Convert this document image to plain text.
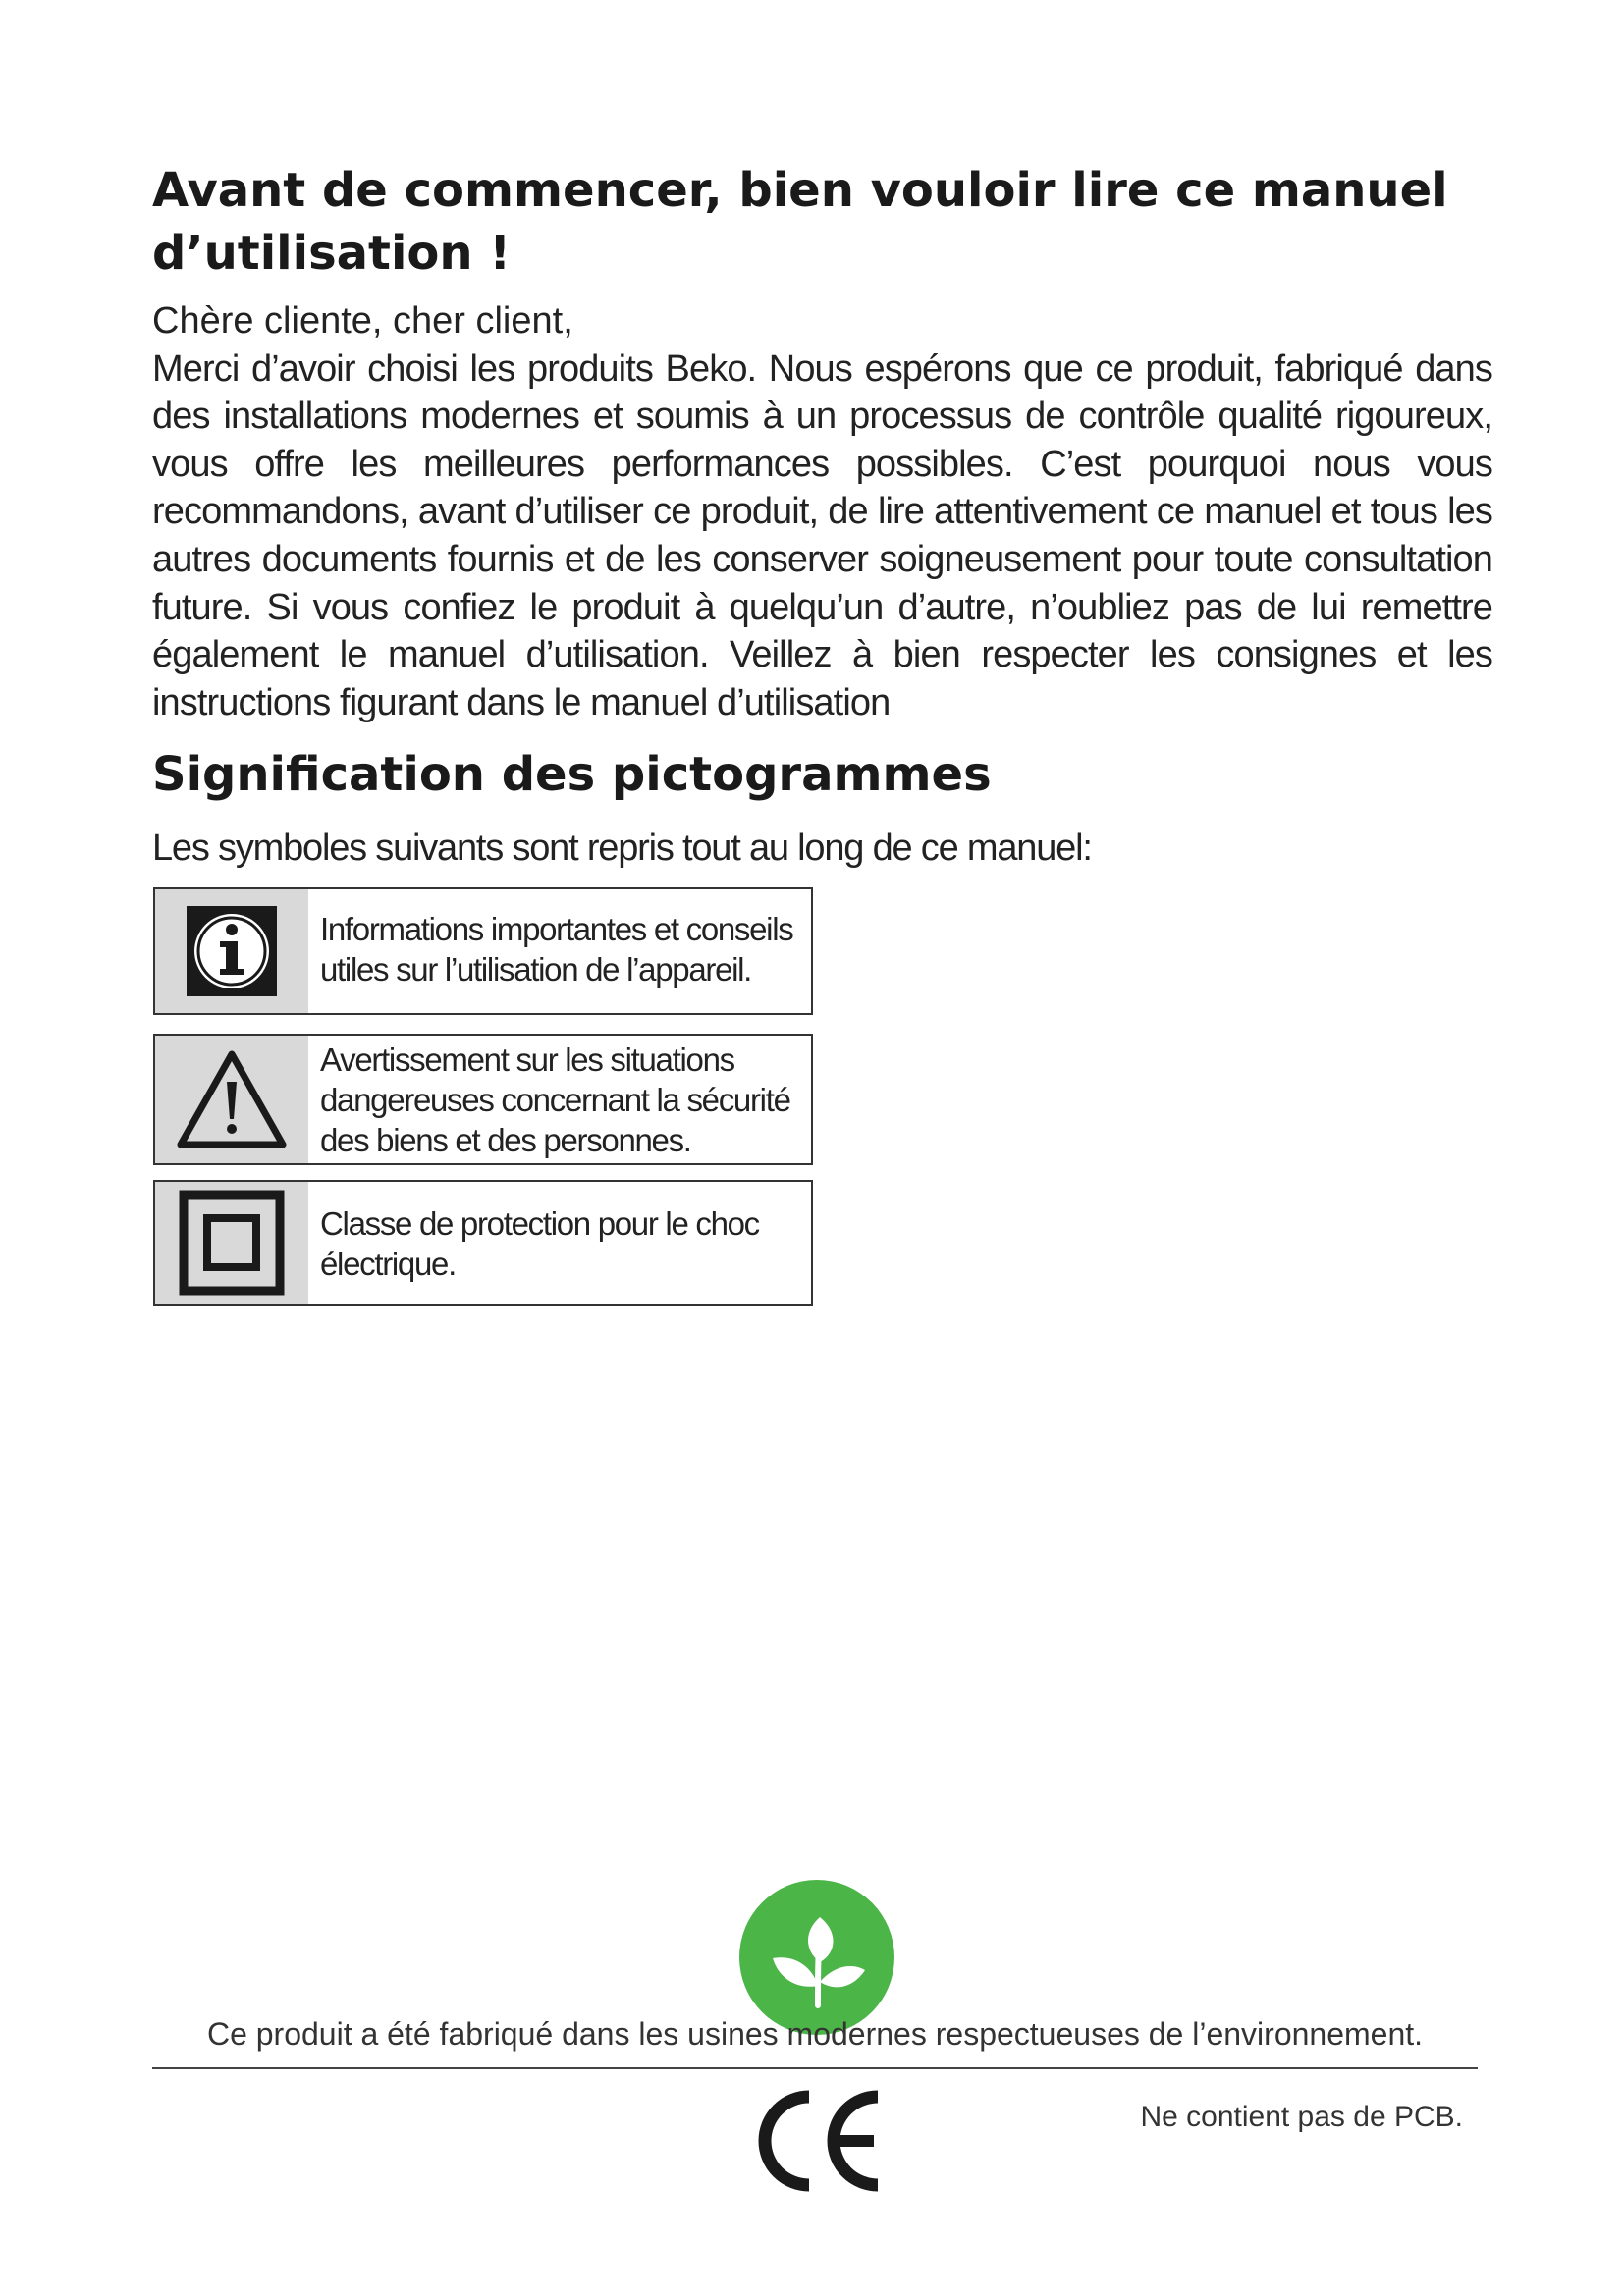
Avant de commencer, bien vouloir lire ce manuel d’utilisation !
Chère cliente, cher client,
Merci d’avoir choisi les produits Beko. Nous espérons que ce produit, fabriqué dans des installations modernes et soumis à un processus de contrôle qualité rigoureux, vous offre les meilleures performances possibles. C’est pourquoi nous vous recommandons, avant d’utiliser ce produit, de lire attentivement ce manuel et tous les autres documents fournis et de les conserver soigneusement pour toute consultation future. Si vous confiez le produit à quelqu’un d’autre, n’oubliez pas de lui remettre également le manuel d’utilisation. Veillez à bien respecter les consignes et les instructions figurant dans le manuel d’utilisation
Signification des pictogrammes

Les symboles suivants sont repris tout au long de ce manuel:

Informations importantes et conseils utiles sur l’utilisation de l’appareil.
Avertissement sur les situations dangereuses concernant la sécurité des biens et des personnes.
Classe de protection pour le choc électrique.
Ce produit a été fabriqué dans les usines modernes respectueuses de l’environnement.
Ne contient pas de PCB.
